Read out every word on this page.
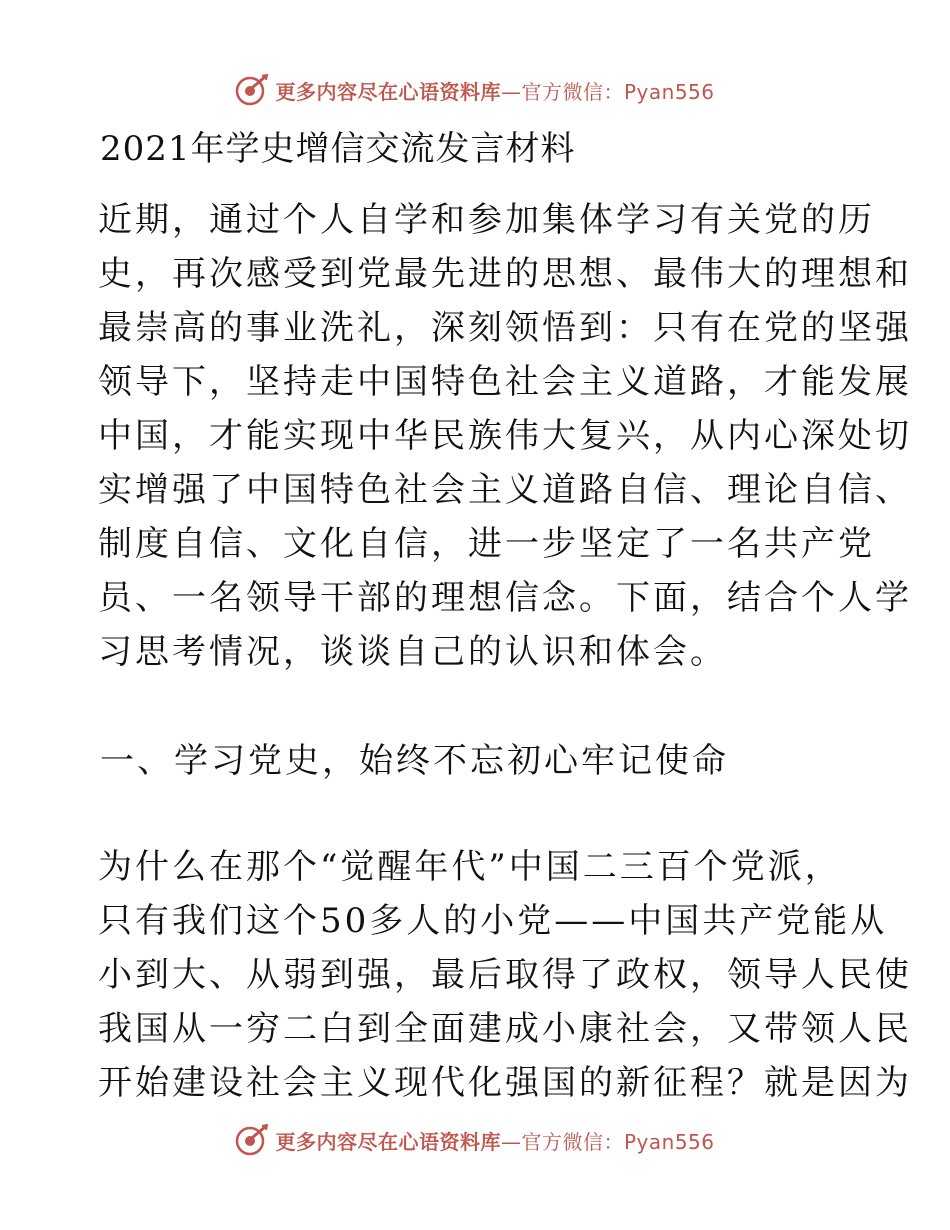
更多内容尽在心语资料库—官方微信：Pyan556
2021年学史增信交流发言材料
近期，通过个人自学和参加集体学习有关党的历
史，再次感受到党最先进的思想、最伟大的理想和
最崇高的事业洗礼，深刻领悟到：只有在党的坚强
领导下，坚持走中国特色社会主义道路，才能发展
中国，才能实现中华民族伟大复兴，从内心深处切
实增强了中国特色社会主义道路自信、理论自信、
制度自信、文化自信，进一步坚定了一名共产党
员、一名领导干部的理想信念。下面，结合个人学
习思考情况，谈谈自己的认识和体会。
一、学习党史，始终不忘初心牢记使命
为什么在那个“觉醒年代”中国二三百个党派，
只有我们这个50多人的小党——中国共产党能从
小到大、从弱到强，最后取得了政权，领导人民使
我国从一穷二白到全面建成小康社会，又带领人民
开始建设社会主义现代化强国的新征程？就是因为
更多内容尽在心语资料库—官方微信：Pyan556
